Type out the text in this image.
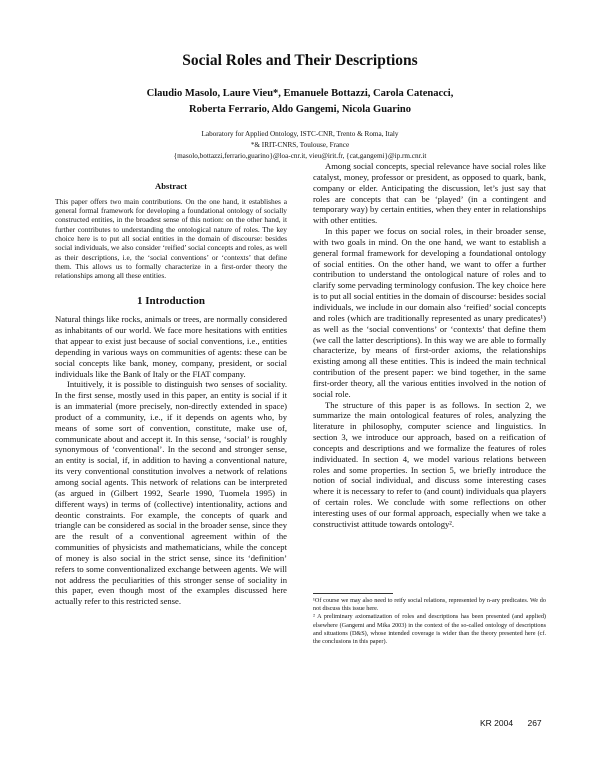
Social Roles and Their Descriptions
Claudio Masolo, Laure Vieu*, Emanuele Bottazzi, Carola Catenacci,
Roberta Ferrario, Aldo Gangemi, Nicola Guarino
Laboratory for Applied Ontology, ISTC-CNR, Trento & Roma, Italy
*& IRIT-CNRS, Toulouse, France
{masolo,bottazzi,ferrario,guarino}@loa-cnr.it, vieu@irit.fr, {cat,gangemi}@ip.rm.cnr.it
Abstract

This paper offers two main contributions. On the one hand, it establishes a general formal framework for developing a foundational ontology of socially constructed entities, in the broadest sense of this notion: on the other hand, it further contributes to understanding the ontological nature of roles. The key choice here is to put all social entities in the domain of discourse: besides social individuals, we also consider ‘reified’ social concepts and roles, as well as their descriptions, i.e, the ‘social conventions’ or ‘contexts’ that define them. This allows us to formally characterize in a first-order theory the relationships among all these entities.

1 Introduction

Natural things like rocks, animals or trees, are normally considered as inhabitants of our world. We face more hesitations with entities that appear to exist just because of social conventions, i.e., entities depending in various ways on communities of agents: these can be social concepts like bank, money, company, president, or social individuals like the Bank of Italy or the FIAT company.

Intuitively, it is possible to distinguish two senses of sociality. In the first sense, mostly used in this paper, an entity is social if it is an immaterial (more precisely, non-directly extended in space) product of a community, i.e., if it depends on agents who, by means of some sort of convention, constitute, make use of, communicate about and accept it. In this sense, ‘social’ is roughly synonymous of ‘conventional’. In the second and stronger sense, an entity is social, if, in addition to having a conventional nature, its very conventional constitution involves a network of relations among social agents. This network of relations can be interpreted (as argued in (Gilbert 1992, Searle 1990, Tuomela 1995) in different ways) in terms of (collective) intentionality, actions and deontic constraints. For example, the concepts of quark and triangle can be considered as social in the broader sense, since they are the result of a conventional agreement within of the communities of physicists and mathematicians, while the concept of money is also social in the strict sense, since its ‘definition’ refers to some conventionalized exchange between agents. We will not address the peculiarities of this stronger sense of sociality in this paper, even though most of the examples discussed here actually refer to this restricted sense.

Among social concepts, special relevance have social roles like catalyst, money, professor or president, as opposed to quark, bank, company or elder. Anticipating the discussion, let’s just say that roles are concepts that can be ‘played’ (in a contingent and temporary way) by certain entities, when they enter in relationships with other entities.

In this paper we focus on social roles, in their broader sense, with two goals in mind. On the one hand, we want to establish a general formal framework for developing a foundational ontology of social entities. On the other hand, we want to offer a further contribution to understand the ontological nature of roles and to clarify some pervading terminology confusion. The key choice here is to put all social entities in the domain of discourse: besides social individuals, we include in our domain also ‘reified’ social concepts and roles (which are traditionally represented as unary predicates¹) as well as the ‘social conventions’ or ‘contexts’ that define them (we call the latter descriptions). In this way we are able to formally characterize, by means of first-order axioms, the relationships existing among all these entities. This is indeed the main technical contribution of the present paper: we bind together, in the same first-order theory, all the various entities involved in the notion of social role.

The structure of this paper is as follows. In section 2, we summarize the main ontological features of roles, analyzing the literature in philosophy, computer science and linguistics. In section 3, we introduce our approach, based on a reification of concepts and descriptions and we formalize the features of roles individuated. In section 4, we model various relations between roles and some properties. In section 5, we briefly introduce the notion of social individual, and discuss some interesting cases where it is necessary to refer to (and count) individuals qua players of certain roles. We conclude with some reflections on other interesting uses of our formal approach, especially when we take a constructivist attitude towards ontology².

¹Of course we may also need to reify social relations, represented by n-ary predicates. We do not discuss this issue here.

² A preliminary axiomatization of roles and descriptions has been presented (and applied) elsewhere (Gangemi and Mika 2003) in the context of the so-called ontology of descriptions and situations (D&S), whose intended coverage is wider than the theory presented here (cf. the conclusions in this paper).

KR 2004 267
